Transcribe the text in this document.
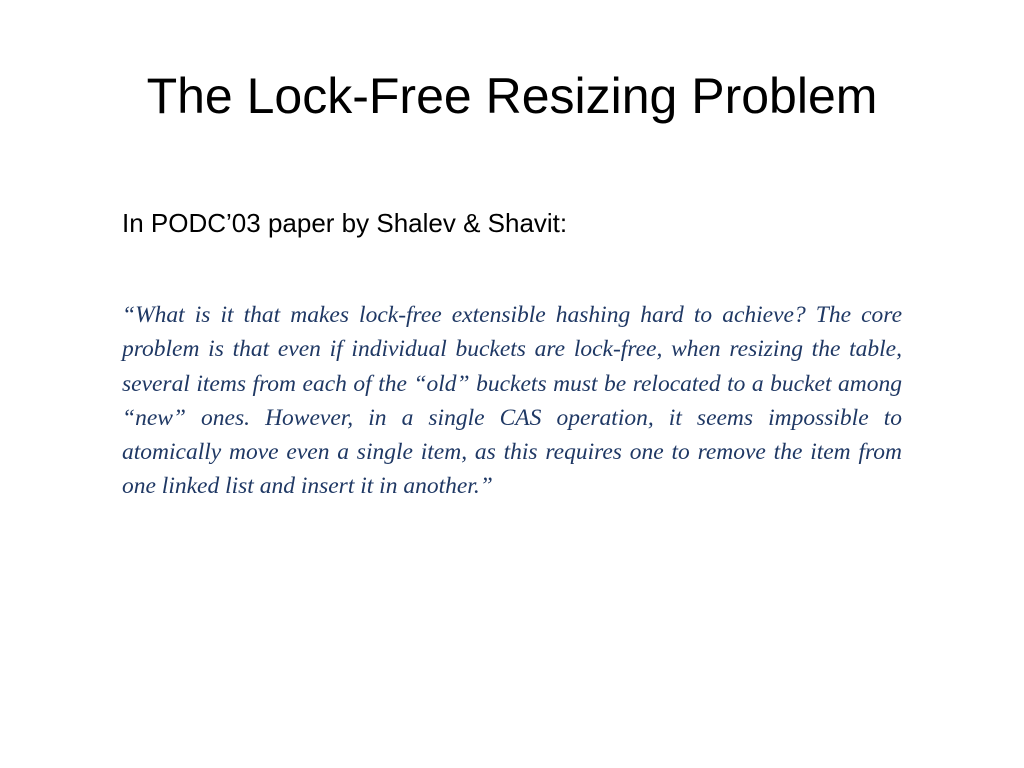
The Lock-Free Resizing Problem
In PODC’03 paper by Shalev & Shavit:
“What is it that makes lock-free extensible hashing hard to achieve? The core problem is that even if individual buckets are lock-free, when resizing the table, several items from each of the “old” buckets must be relocated to a bucket among “new” ones. However, in a single CAS operation, it seems impossible to atomically move even a single item, as this requires one to remove the item from one linked list and insert it in another.”
